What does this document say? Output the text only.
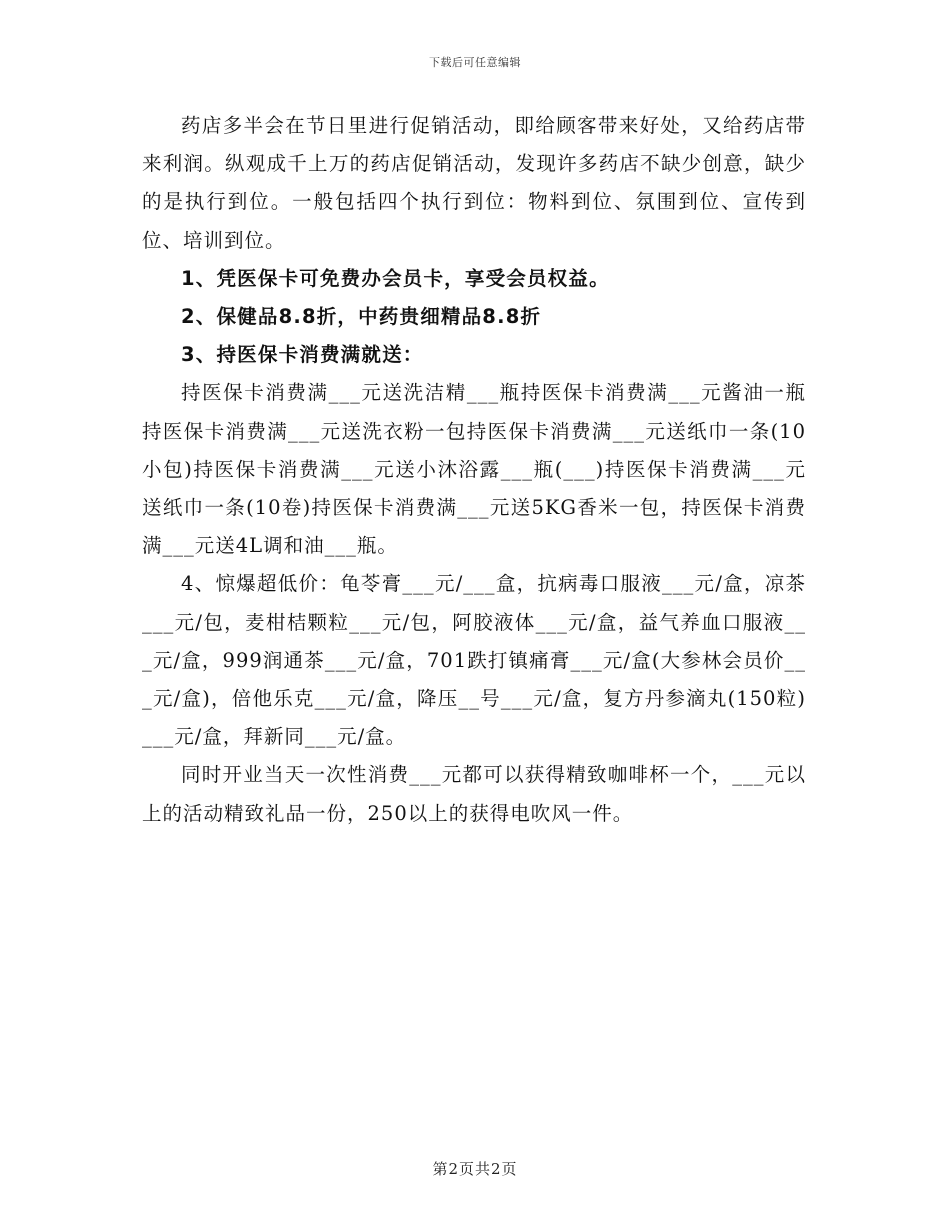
下载后可任意编辑

药店多半会在节日里进行促销活动，即给顾客带来好处，又给药店带来利润。纵观成千上万的药店促销活动，发现许多药店不缺少创意，缺少的是执行到位。一般包括四个执行到位：物料到位、氛围到位、宣传到位、培训到位。

1、凭医保卡可免费办会员卡，享受会员权益。

2、保健品8.8折，中药贵细精品8.8折

3、持医保卡消费满就送：

持医保卡消费满___元送洗洁精___瓶持医保卡消费满___元酱油一瓶持医保卡消费满___元送洗衣粉一包持医保卡消费满___元送纸巾一条(10小包)持医保卡消费满___元送小沐浴露___瓶(___)持医保卡消费满___元送纸巾一条(10卷)持医保卡消费满___元送5KG香米一包，持医保卡消费满___元送4L调和油___瓶。

4、惊爆超低价：龟苓膏___元/___盒，抗病毒口服液___元/盒，凉茶___元/包，麦柑桔颗粒___元/包，阿胶液体___元/盒，益气养血口服液___元/盒，999润通茶___元/盒，701跌打镇痛膏___元/盒(大参林会员价___元/盒)，倍他乐克___元/盒，降压__号___元/盒，复方丹参滴丸(150粒)___元/盒，拜新同___元/盒。

同时开业当天一次性消费___元都可以获得精致咖啡杯一个，___元以上的活动精致礼品一份，250以上的获得电吹风一件。

第2页共2页
